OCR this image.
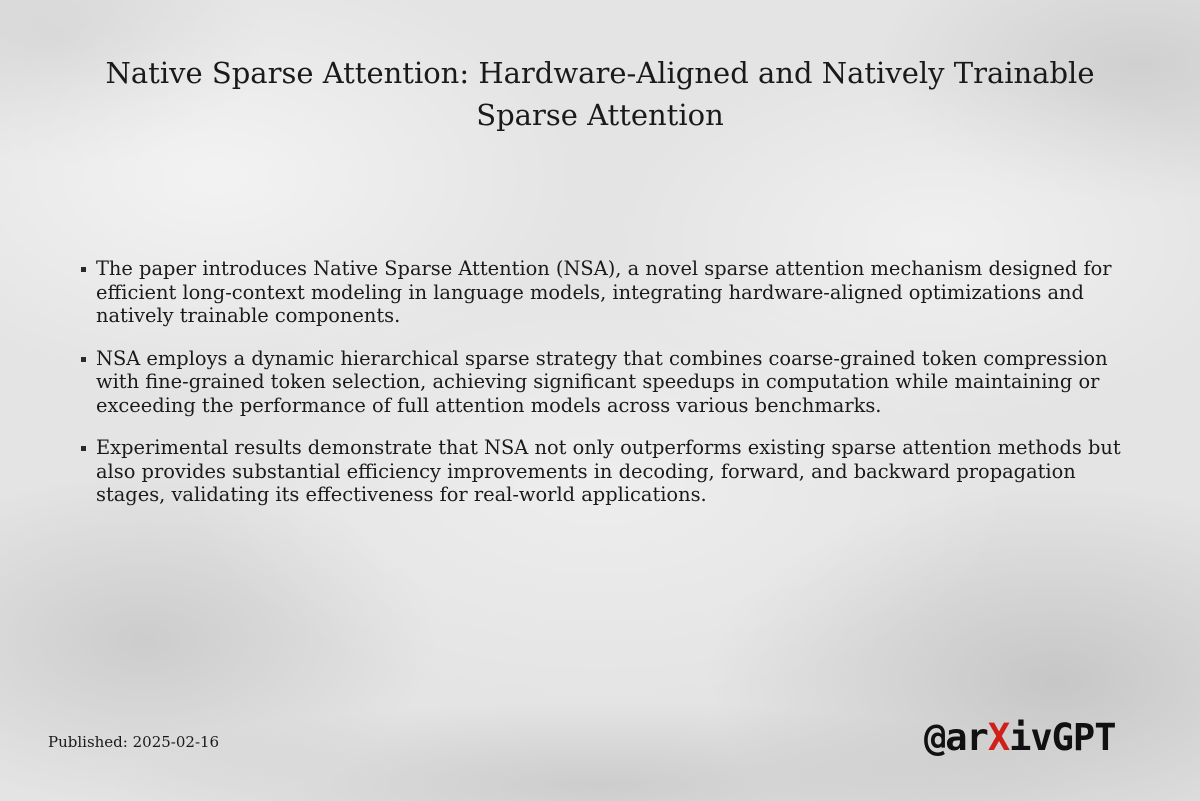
Native Sparse Attention: Hardware-Aligned and Natively Trainable Sparse Attention
The paper introduces Native Sparse Attention (NSA), a novel sparse attention mechanism designed for efficient long-context modeling in language models, integrating hardware-aligned optimizations and natively trainable components.
NSA employs a dynamic hierarchical sparse strategy that combines coarse-grained token compression with fine-grained token selection, achieving significant speedups in computation while maintaining or exceeding the performance of full attention models across various benchmarks.
Experimental results demonstrate that NSA not only outperforms existing sparse attention methods but also provides substantial efficiency improvements in decoding, forward, and backward propagation stages, validating its effectiveness for real-world applications.
Published: 2025-02-16	@arXivGPT
